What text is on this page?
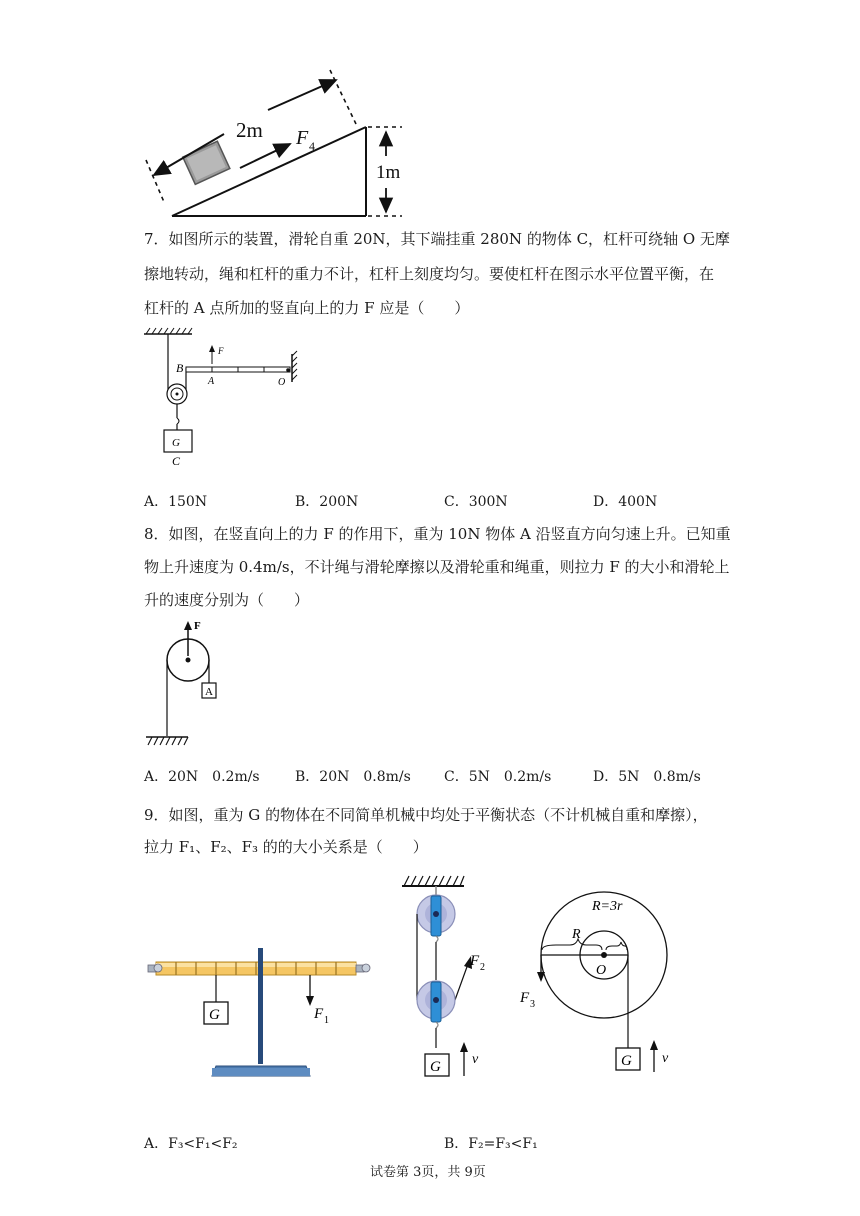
2m F 4
1m
7．如图所示的装置，滑轮自重 20N，其下端挂重 280N 的物体 C，杠杆可绕轴 O 无摩
擦地转动，绳和杠杆的重力不计，杠杆上刻度均匀。要使杠杆在图示水平位置平衡，在
杠杆的 A 点所加的竖直向上的力 F 应是（　　）
G
C
F
B
A	O
A．150N	B．200N	C．300N	D．400N
8．如图，在竖直向上的力 F 的作用下，重为 10N 物体 A 沿竖直方向匀速上升。已知重
物上升速度为 0.4m/s，不计绳与滑轮摩擦以及滑轮重和绳重，则拉力 F 的大小和滑轮上
升的速度分别为（　　）
F
A
A．20N　0.2m/s	B．20N　0.8m/s C．5N　0.2m/s	D．5N　0.8m/s
9．如图，重为 G 的物体在不同简单机械中均处于平衡状态（不计机械自重和摩擦），
拉力 F₁、F₂、F₃ 的的大小关系是（　　）
G	F 1
F 2
G v
R
O
R=3r
F 3
G v
A．F₃<F₁<F₂	B．F₂=F₃<F₁
试卷第 3页，共 9页
